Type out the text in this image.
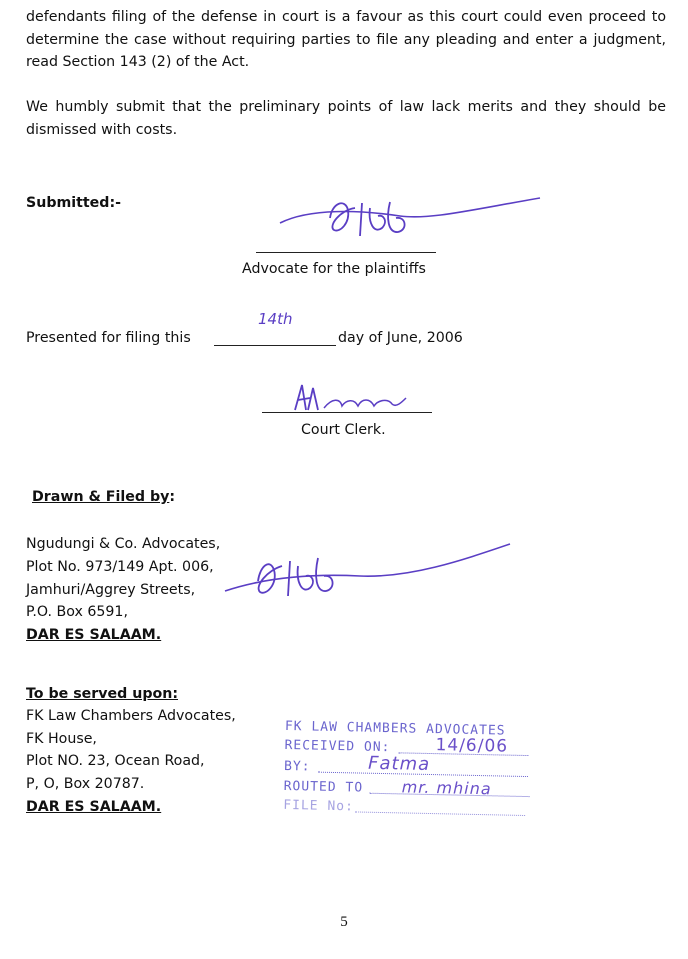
defendants filing of the defense in court is a favour as this court could even proceed to determine the case without requiring parties to file any pleading and enter a judgment, read Section 143 (2) of the Act.
We humbly submit that the preliminary points of law lack merits and they should be dismissed with costs.
Submitted:-
Advocate for the plaintiffs
Presented for filing this
14th
day of June, 2006
Court Clerk.
Drawn & Filed by:
Ngudungi & Co. Advocates,
Plot No. 973/149 Apt. 006,
Jamhuri/Aggrey Streets,
P.O. Box 6591,
DAR ES SALAAM.
To be served upon:
FK Law Chambers Advocates,
FK House,
Plot NO. 23, Ocean Road,
P, O, Box 20787.
DAR ES SALAAM.
FK LAW CHAMBERS ADVOCATES
RECEIVED ON:	14/6/06
BY:	Fatma
ROUTED TO mr. mhina
FILE No:
5
